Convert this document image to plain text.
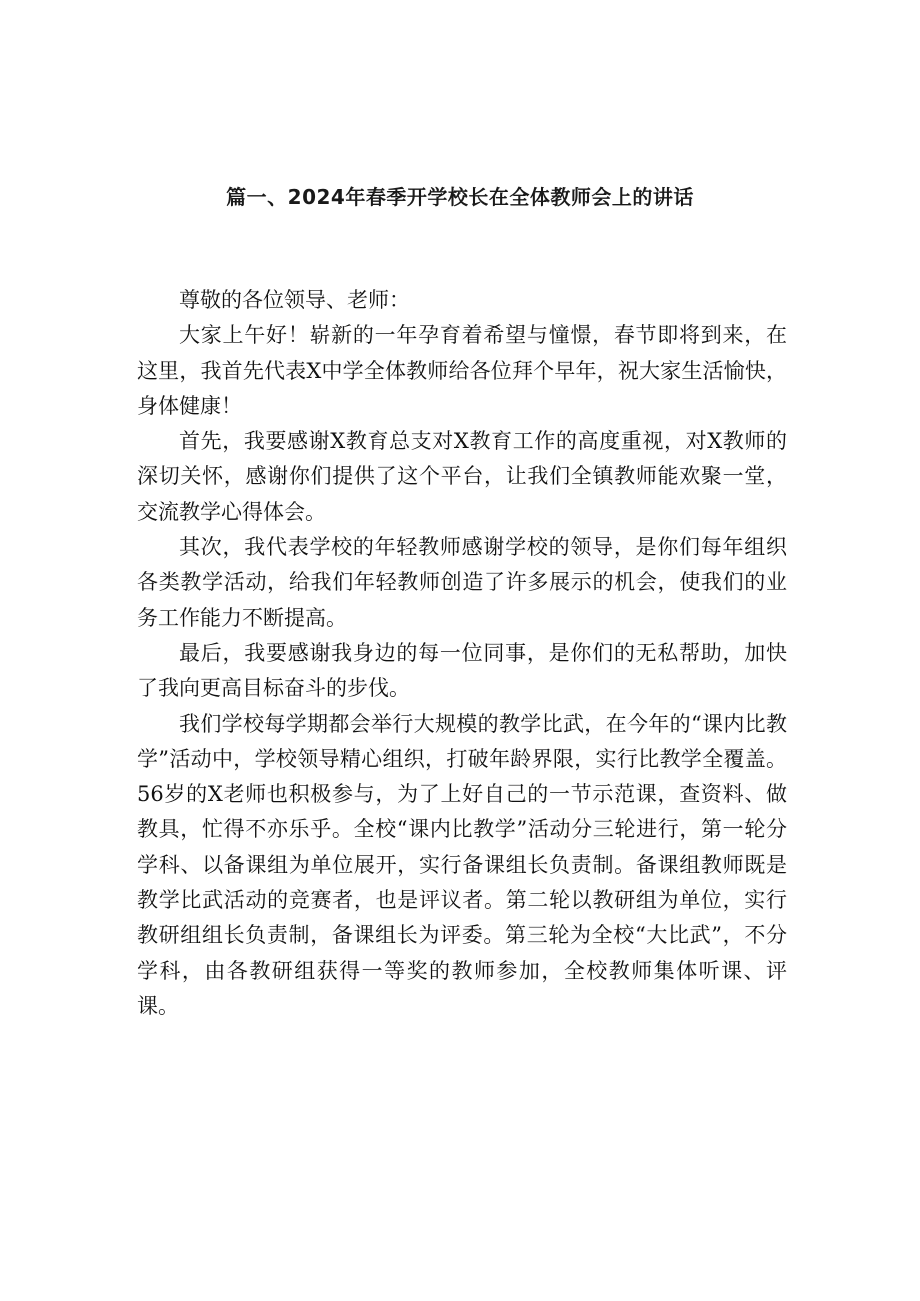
篇一、2024年春季开学校长在全体教师会上的讲话

尊敬的各位领导、老师：

大家上午好！崭新的一年孕育着希望与憧憬，春节即将到来，在这里，我首先代表X中学全体教师给各位拜个早年，祝大家生活愉快，身体健康！

首先，我要感谢X教育总支对X教育工作的高度重视，对X教师的深切关怀，感谢你们提供了这个平台，让我们全镇教师能欢聚一堂，交流教学心得体会。

其次，我代表学校的年轻教师感谢学校的领导，是你们每年组织各类教学活动，给我们年轻教师创造了许多展示的机会，使我们的业务工作能力不断提高。

最后，我要感谢我身边的每一位同事，是你们的无私帮助，加快了我向更高目标奋斗的步伐。

我们学校每学期都会举行大规模的教学比武，在今年的“课内比教学”活动中，学校领导精心组织，打破年龄界限，实行比教学全覆盖。56岁的X老师也积极参与，为了上好自己的一节示范课，查资料、做教具，忙得不亦乐乎。全校“课内比教学”活动分三轮进行，第一轮分学科、以备课组为单位展开，实行备课组长负责制。备课组教师既是教学比武活动的竞赛者，也是评议者。第二轮以教研组为单位，实行教研组组长负责制，备课组长为评委。第三轮为全校“大比武”，不分学科，由各教研组获得一等奖的教师参加，全校教师集体听课、评课。
